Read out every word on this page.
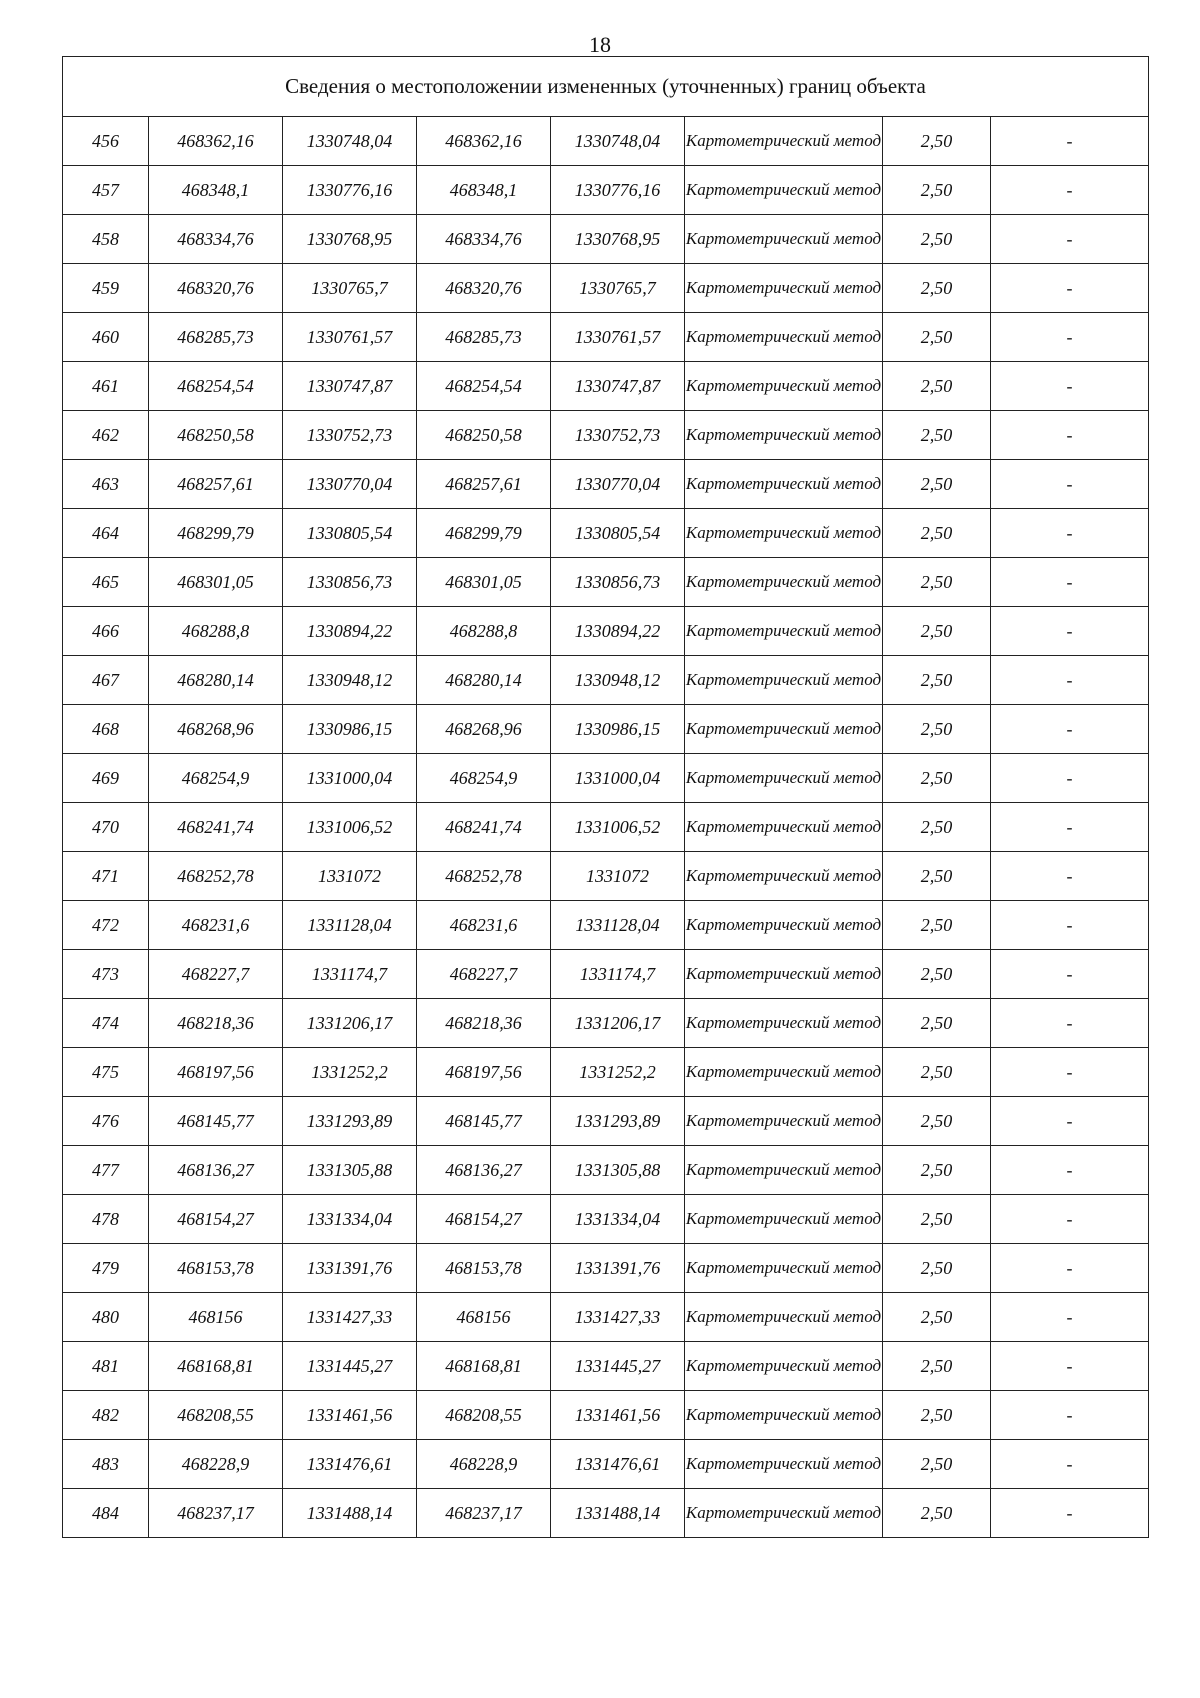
18
Сведения о местоположении измененных (уточненных) границ объекта							
456	468362,16	1330748,04	468362,16	1330748,04	Картометрический метод	2,50	-
457	468348,1	1330776,16	468348,1	1330776,16	Картометрический метод	2,50	-
458	468334,76	1330768,95	468334,76	1330768,95	Картометрический метод	2,50	-
459	468320,76	1330765,7	468320,76	1330765,7	Картометрический метод	2,50	-
460	468285,73	1330761,57	468285,73	1330761,57	Картометрический метод	2,50	-
461	468254,54	1330747,87	468254,54	1330747,87	Картометрический метод	2,50	-
462	468250,58	1330752,73	468250,58	1330752,73	Картометрический метод	2,50	-
463	468257,61	1330770,04	468257,61	1330770,04	Картометрический метод	2,50	-
464	468299,79	1330805,54	468299,79	1330805,54	Картометрический метод	2,50	-
465	468301,05	1330856,73	468301,05	1330856,73	Картометрический метод	2,50	-
466	468288,8	1330894,22	468288,8	1330894,22	Картометрический метод	2,50	-
467	468280,14	1330948,12	468280,14	1330948,12	Картометрический метод	2,50	-
468	468268,96	1330986,15	468268,96	1330986,15	Картометрический метод	2,50	-
469	468254,9	1331000,04	468254,9	1331000,04	Картометрический метод	2,50	-
470	468241,74	1331006,52	468241,74	1331006,52	Картометрический метод	2,50	-
471	468252,78	1331072	468252,78	1331072	Картометрический метод	2,50	-
472	468231,6	1331128,04	468231,6	1331128,04	Картометрический метод	2,50	-
473	468227,7	1331174,7	468227,7	1331174,7	Картометрический метод	2,50	-
474	468218,36	1331206,17	468218,36	1331206,17	Картометрический метод	2,50	-
475	468197,56	1331252,2	468197,56	1331252,2	Картометрический метод	2,50	-
476	468145,77	1331293,89	468145,77	1331293,89	Картометрический метод	2,50	-
477	468136,27	1331305,88	468136,27	1331305,88	Картометрический метод	2,50	-
478	468154,27	1331334,04	468154,27	1331334,04	Картометрический метод	2,50	-
479	468153,78	1331391,76	468153,78	1331391,76	Картометрический метод	2,50	-
480	468156	1331427,33	468156	1331427,33	Картометрический метод	2,50	-
481	468168,81	1331445,27	468168,81	1331445,27	Картометрический метод	2,50	-
482	468208,55	1331461,56	468208,55	1331461,56	Картометрический метод	2,50	-
483	468228,9	1331476,61	468228,9	1331476,61	Картометрический метод	2,50	-
484	468237,17	1331488,14	468237,17	1331488,14	Картометрический метод	2,50	-
